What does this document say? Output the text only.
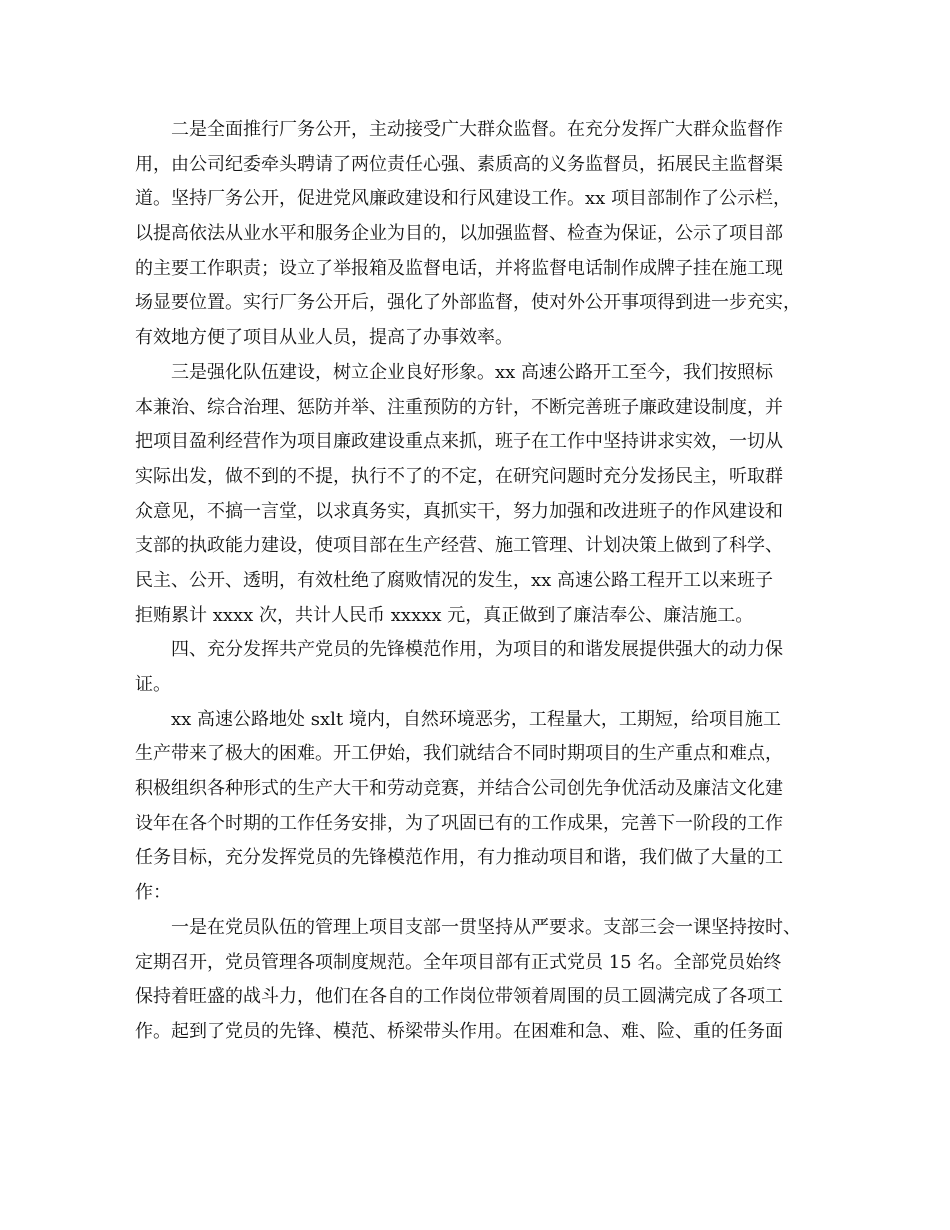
二是全面推行厂务公开，主动接受广大群众监督。在充分发挥广大群众监督作
用，由公司纪委牵头聘请了两位责任心强、素质高的义务监督员，拓展民主监督渠
道。坚持厂务公开，促进党风廉政建设和行风建设工作。xx 项目部制作了公示栏，
以提高依法从业水平和服务企业为目的，以加强监督、检查为保证，公示了项目部
的主要工作职责；设立了举报箱及监督电话，并将监督电话制作成牌子挂在施工现
场显要位置。实行厂务公开后，强化了外部监督，使对外公开事项得到进一步充实，
有效地方便了项目从业人员，提高了办事效率。
三是强化队伍建设，树立企业良好形象。xx 高速公路开工至今，我们按照标
本兼治、综合治理、惩防并举、注重预防的方针，不断完善班子廉政建设制度，并
把项目盈利经营作为项目廉政建设重点来抓，班子在工作中坚持讲求实效，一切从
实际出发，做不到的不提，执行不了的不定，在研究问题时充分发扬民主，听取群
众意见，不搞一言堂，以求真务实，真抓实干，努力加强和改进班子的作风建设和
支部的执政能力建设，使项目部在生产经营、施工管理、计划决策上做到了科学、
民主、公开、透明，有效杜绝了腐败情况的发生，xx 高速公路工程开工以来班子
拒贿累计 xxxx 次，共计人民币 xxxxx 元，真正做到了廉洁奉公、廉洁施工。
四、充分发挥共产党员的先锋模范作用，为项目的和谐发展提供强大的动力保
证。
xx 高速公路地处 sxlt 境内，自然环境恶劣，工程量大，工期短，给项目施工
生产带来了极大的困难。开工伊始，我们就结合不同时期项目的生产重点和难点，
积极组织各种形式的生产大干和劳动竞赛，并结合公司创先争优活动及廉洁文化建
设年在各个时期的工作任务安排，为了巩固已有的工作成果，完善下一阶段的工作
任务目标，充分发挥党员的先锋模范作用，有力推动项目和谐，我们做了大量的工
作：
一是在党员队伍的管理上项目支部一贯坚持从严要求。支部三会一课坚持按时、
定期召开，党员管理各项制度规范。全年项目部有正式党员 15 名。全部党员始终
保持着旺盛的战斗力，他们在各自的工作岗位带领着周围的员工圆满完成了各项工
作。起到了党员的先锋、模范、桥梁带头作用。在困难和急、难、险、重的任务面
